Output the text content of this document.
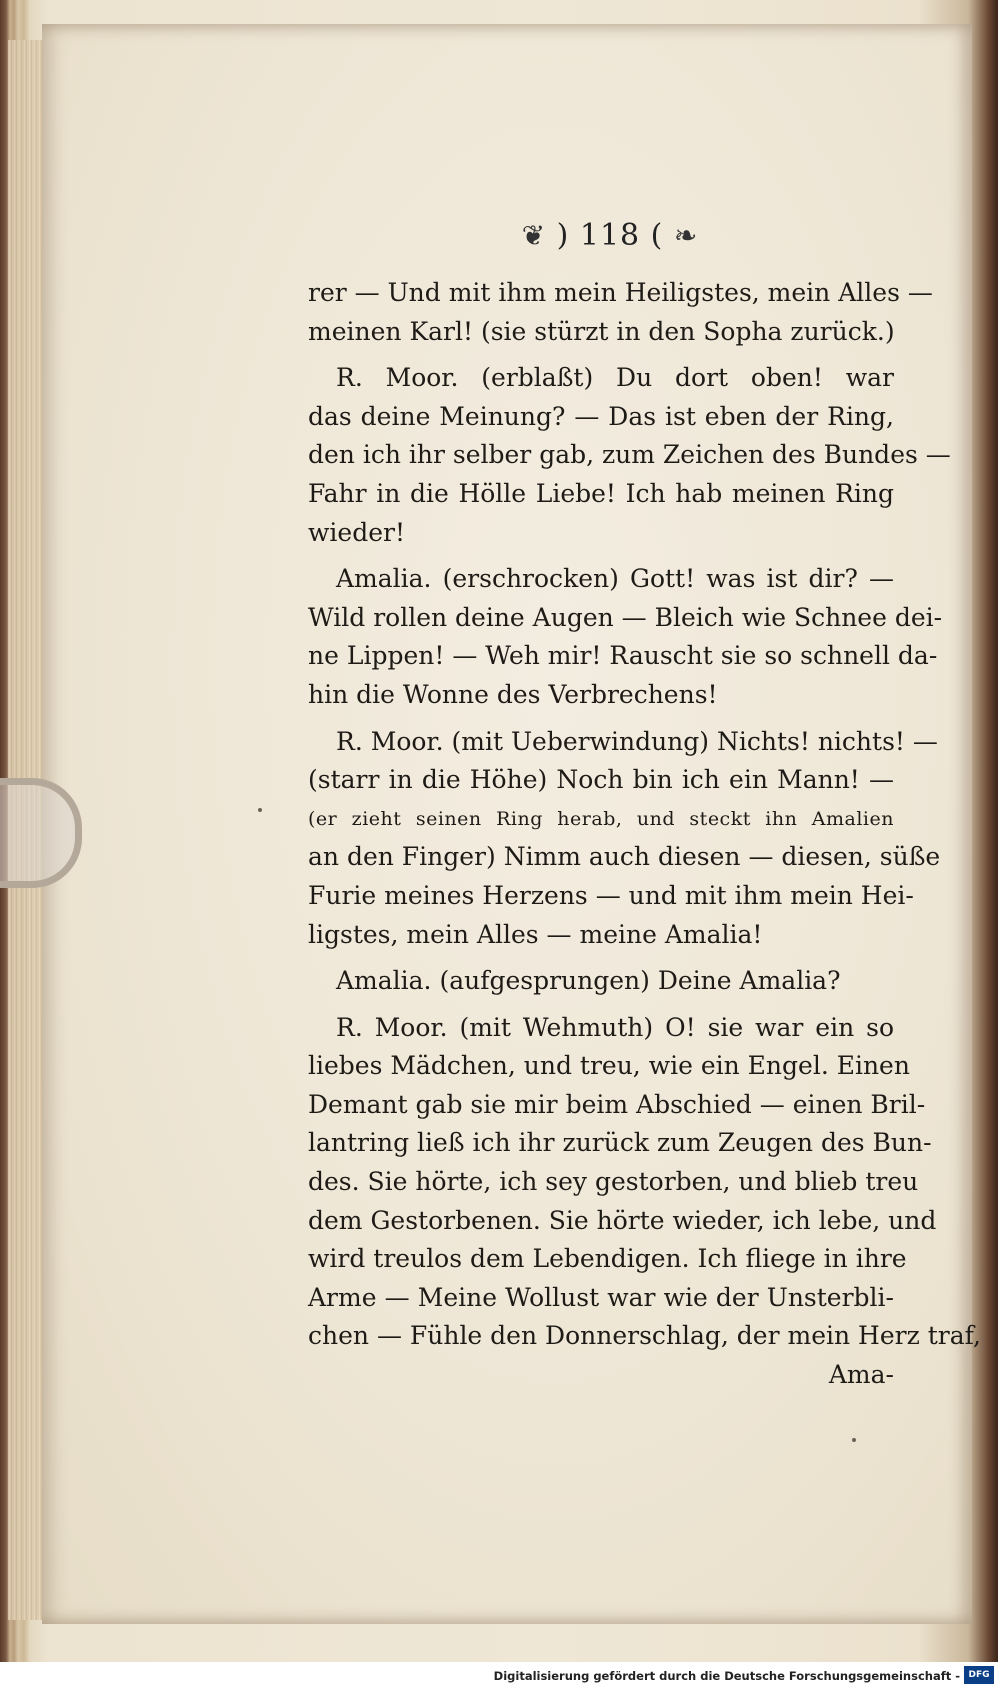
❦ ) 118 ( ❧
rer — Und mit ihm mein Heiligstes, mein Alles —
meinen Karl! (sie stürzt in den Sopha zurück.)
R. Moor. (erblaßt) Du dort oben! war
das deine Meinung? — Das ist eben der Ring,
den ich ihr selber gab, zum Zeichen des Bundes —
Fahr in die Hölle Liebe! Ich hab meinen Ring
wieder!
Amalia. (erschrocken) Gott! was ist dir? —
Wild rollen deine Augen — Bleich wie Schnee dei-
ne Lippen! — Weh mir! Rauscht sie so schnell da-
hin die Wonne des Verbrechens!
R. Moor. (mit Ueberwindung) Nichts! nichts! —
(starr in die Höhe) Noch bin ich ein Mann! —
(er zieht seinen Ring herab, und steckt ihn Amalien
an den Finger) Nimm auch diesen — diesen, süße
Furie meines Herzens — und mit ihm mein Hei-
ligstes, mein Alles — meine Amalia!
Amalia. (aufgesprungen) Deine Amalia?
R. Moor. (mit Wehmuth) O! sie war ein so
liebes Mädchen, und treu, wie ein Engel. Einen
Demant gab sie mir beim Abschied — einen Bril-
lantring ließ ich ihr zurück zum Zeugen des Bun-
des. Sie hörte, ich sey gestorben, und blieb treu
dem Gestorbenen. Sie hörte wieder, ich lebe, und
wird treulos dem Lebendigen. Ich fliege in ihre
Arme — Meine Wollust war wie der Unsterbli-
chen — Fühle den Donnerschlag, der mein Herz traf,
Ama-
Digitalisierung gefördert durch die Deutsche Forschungsgemeinschaft - DFG
